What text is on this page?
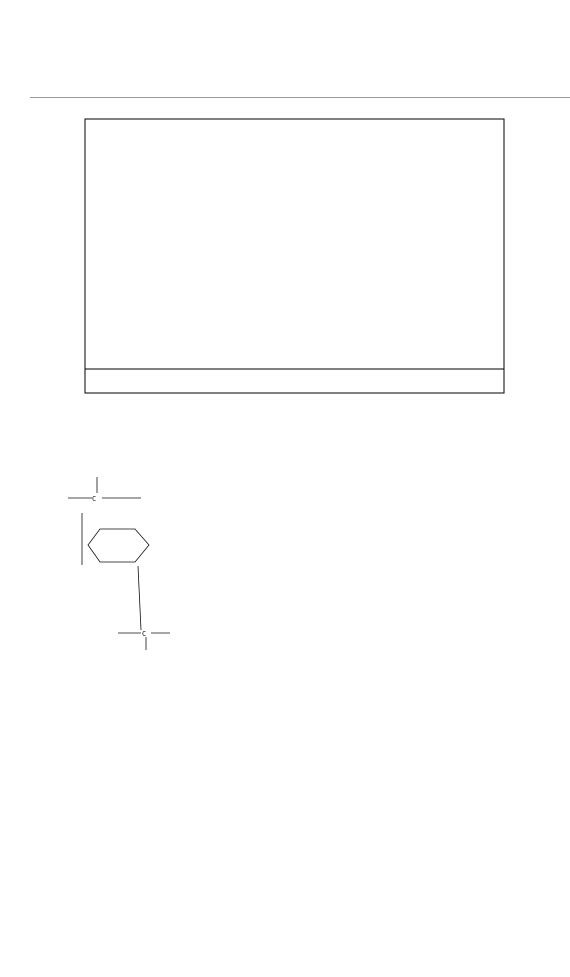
C
C
